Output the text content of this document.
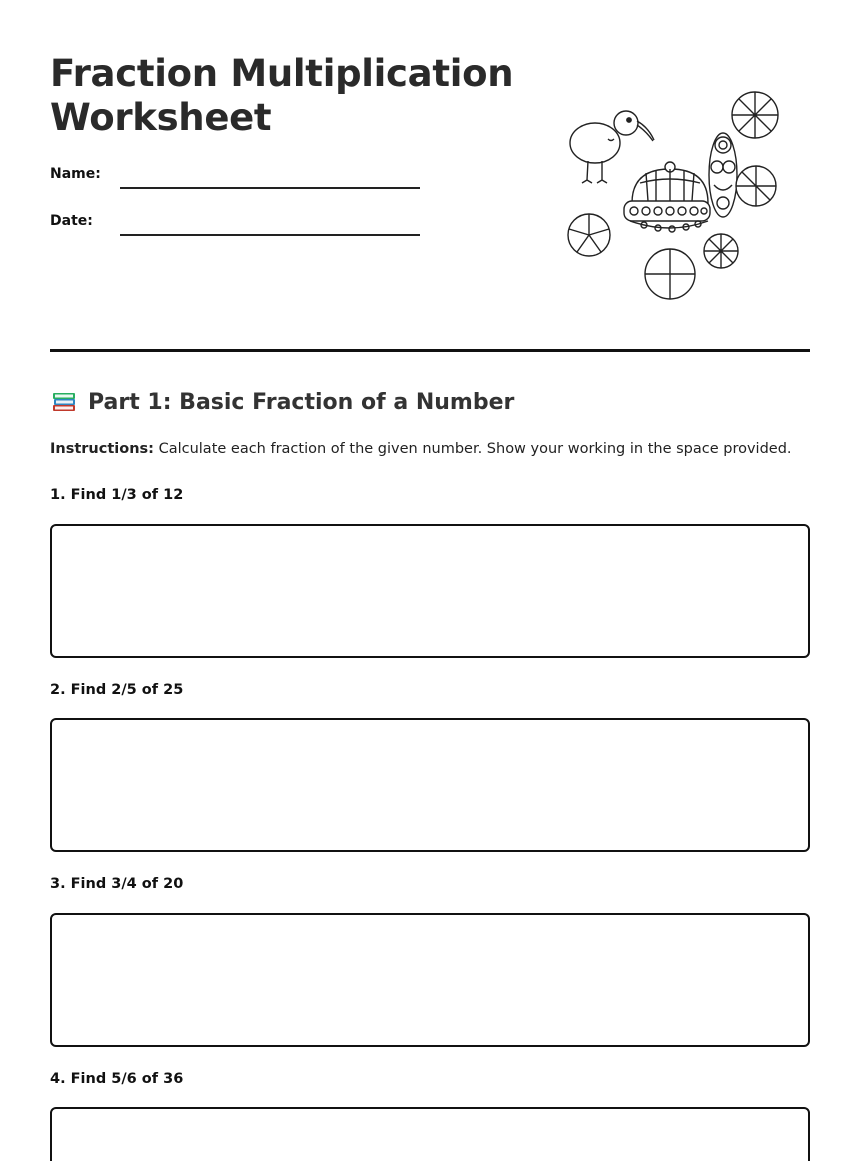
Fraction Multiplication
Worksheet
Name:
Date:
Part 1: Basic Fraction of a Number
Instructions: Calculate each fraction of the given number. Show your working in the space provided.
1. Find 1/3 of 12
2. Find 2/5 of 25
3. Find 3/4 of 20
4. Find 5/6 of 36
